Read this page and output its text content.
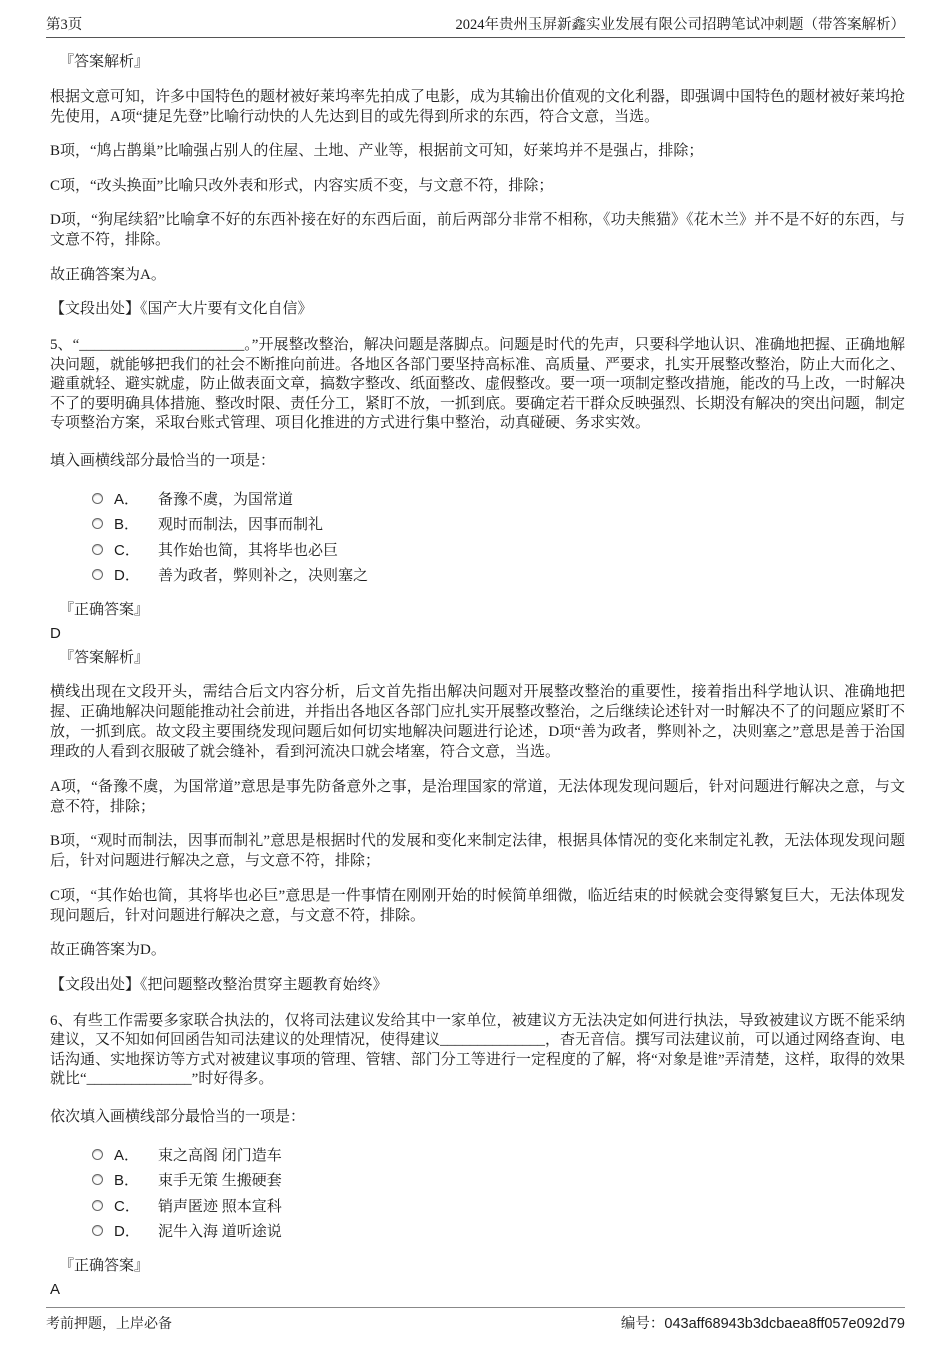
第3页	2024年贵州玉屏新鑫实业发展有限公司招聘笔试冲刺题（带答案解析）
『答案解析』

根据文意可知，许多中国特色的题材被好莱坞率先拍成了电影，成为其输出价值观的文化利器，即强调中国特色的题材被好莱坞抢先使用，A项“捷足先登”比喻行动快的人先达到目的或先得到所求的东西，符合文意，当选。

B项，“鸠占鹊巢”比喻强占别人的住屋、土地、产业等，根据前文可知，好莱坞并不是强占，排除；

C项，“改头换面”比喻只改外表和形式，内容实质不变，与文意不符，排除；

D项，“狗尾续貂”比喻拿不好的东西补接在好的东西后面，前后两部分非常不相称，《功夫熊猫》《花木兰》并不是不好的东西，与文意不符，排除。

故正确答案为A。

【文段出处】《国产大片要有文化自信》

5、“______________________。”开展整改整治，解决问题是落脚点。问题是时代的先声，只要科学地认识、准确地把握、正确地解决问题，就能够把我们的社会不断推向前进。各地区各部门要坚持高标准、高质量、严要求，扎实开展整改整治，防止大而化之、避重就轻、避实就虚，防止做表面文章，搞数字整改、纸面整改、虚假整改。要一项一项制定整改措施，能改的马上改，一时解决不了的要明确具体措施、整改时限、责任分工，紧盯不放，一抓到底。要确定若干群众反映强烈、长期没有解决的突出问题，制定专项整治方案，采取台账式管理、项目化推进的方式进行集中整治，动真碰硬、务求实效。

填入画横线部分最恰当的一项是：

A．	备豫不虞，为国常道
B．	观时而制法，因事而制礼
C．	其作始也简，其将毕也必巨
D．	善为政者，弊则补之，决则塞之
『正确答案』
D
『答案解析』

横线出现在文段开头，需结合后文内容分析，后文首先指出解决问题对开展整改整治的重要性，接着指出科学地认识、准确地把握、正确地解决问题能推动社会前进，并指出各地区各部门应扎实开展整改整治，之后继续论述针对一时解决不了的问题应紧盯不放，一抓到底。故文段主要围绕发现问题后如何切实地解决问题进行论述，D项“善为政者，弊则补之，决则塞之”意思是善于治国理政的人看到衣服破了就会缝补，看到河流决口就会堵塞，符合文意，当选。

A项，“备豫不虞，为国常道”意思是事先防备意外之事，是治理国家的常道，无法体现发现问题后，针对问题进行解决之意，与文意不符，排除；

B项，“观时而制法，因事而制礼”意思是根据时代的发展和变化来制定法律，根据具体情况的变化来制定礼教，无法体现发现问题后，针对问题进行解决之意，与文意不符，排除；

C项，“其作始也简，其将毕也必巨”意思是一件事情在刚刚开始的时候简单细微，临近结束的时候就会变得繁复巨大，无法体现发现问题后，针对问题进行解决之意，与文意不符，排除。

故正确答案为D。

【文段出处】《把问题整改整治贯穿主题教育始终》

6、有些工作需要多家联合执法的，仅将司法建议发给其中一家单位，被建议方无法决定如何进行执法，导致被建议方既不能采纳建议，又不知如何回函告知司法建议的处理情况，使得建议______________，杳无音信。撰写司法建议前，可以通过网络查询、电话沟通、实地探访等方式对被建议事项的管理、管辖、部门分工等进行一定程度的了解，将“对象是谁”弄清楚，这样，取得的效果就比“______________”时好得多。

依次填入画横线部分最恰当的一项是：

A．	束之高阁 闭门造车
B．	束手无策 生搬硬套
C．	销声匿迹 照本宣科
D．	泥牛入海 道听途说
『正确答案』
A
考前押题，上岸必备	编号：043aff68943b3dcbaea8ff057e092d79
